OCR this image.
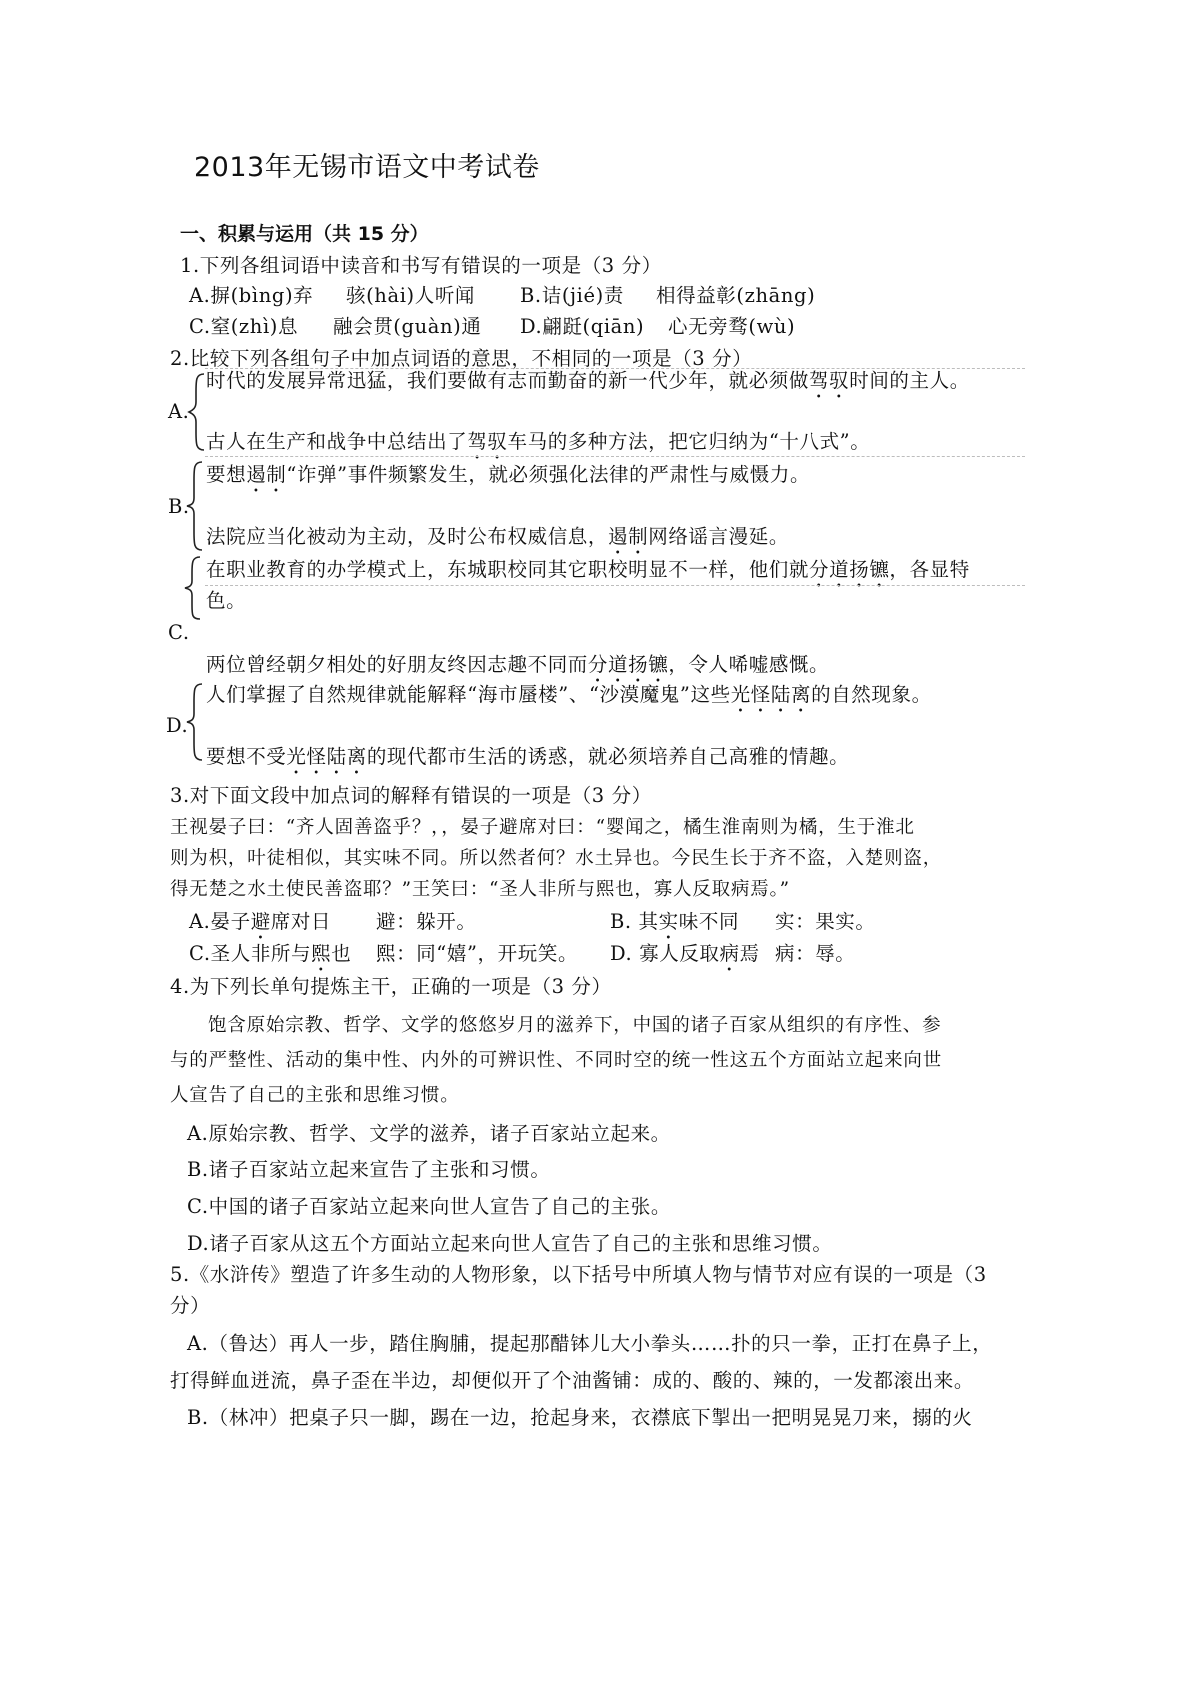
2013年无锡市语文中考试卷
一、积累与运用（共 15 分）
1.下列各组词语中读音和书写有错误的一项是（3 分）
A.摒(bìng)弃 骇(hài)人听闻 B.诘(jié)责 相得益彰(zhāng)
C.窒(zhì)息 融会贯(guàn)通 D.翩跹(qiān) 心无旁骛(wù)
2.比较下列各组句子中加点词语的意思，不相同的一项是（3 分）
A.
时代的发展异常迅猛，我们要做有志而勤奋的新一代少年，就必须做驾驭时间的主人。
古人在生产和战争中总结出了驾驭车马的多种方法，把它归纳为“十八式”。
B.
要想遏制“诈弹”事件频繁发生，就必须强化法律的严肃性与威慑力。
法院应当化被动为主动，及时公布权威信息，遏制网络谣言漫延。
在职业教育的办学模式上，东城职校同其它职校明显不一样，他们就分道扬镳，各显特
色。
C.
两位曾经朝夕相处的好朋友终因志趣不同而分道扬镳，令人唏嘘感慨。
D.
人们掌握了自然规律就能解释“海市蜃楼”、“沙漠魔鬼”这些光怪陆离的自然现象。
要想不受光怪陆离的现代都市生活的诱惑，就必须培养自己高雅的情趣。
3.对下面文段中加点词的解释有错误的一项是（3 分）
王视晏子曰：“齐人固善盗乎？，，晏子避席对曰：“婴闻之，橘生淮南则为橘，生于淮北
则为枳，叶徒相似，其实味不同。所以然者何？水土异也。今民生长于齐不盗，入楚则盗，
得无楚之水土使民善盗耶？”王笑曰：“圣人非所与熙也，寡人反取病焉。”
A.晏子避席对日 避：躲开。	B. 其实味不同 实：果实。
C.圣人非所与熙也 熙：同“嬉”，开玩笑。 D. 寡人反取病焉 病：辱。
4.为下列长单句提炼主干，正确的一项是（3 分）
饱含原始宗教、哲学、文学的悠悠岁月的滋养下，中国的诸子百家从组织的有序性、参
与的严整性、活动的集中性、内外的可辨识性、不同时空的统一性这五个方面站立起来向世
人宣告了自己的主张和思维习惯。
A.原始宗教、哲学、文学的滋养，诸子百家站立起来。
B.诸子百家站立起来宣告了主张和习惯。
C.中国的诸子百家站立起来向世人宣告了自己的主张。
D.诸子百家从这五个方面站立起来向世人宣告了自己的主张和思维习惯。
5.《水浒传》塑造了许多生动的人物形象，以下括号中所填人物与情节对应有误的一项是（3
分）
A.（鲁达）再人一步，踏住胸脯，提起那醋钵儿大小拳头……扑的只一拳，正打在鼻子上，
打得鲜血迸流，鼻子歪在半边，却便似开了个油酱铺：成的、酸的、辣的，一发都滚出来。
B.（林冲）把桌子只一脚，踢在一边，抢起身来，衣襟底下掣出一把明晃晃刀来，搦的火
